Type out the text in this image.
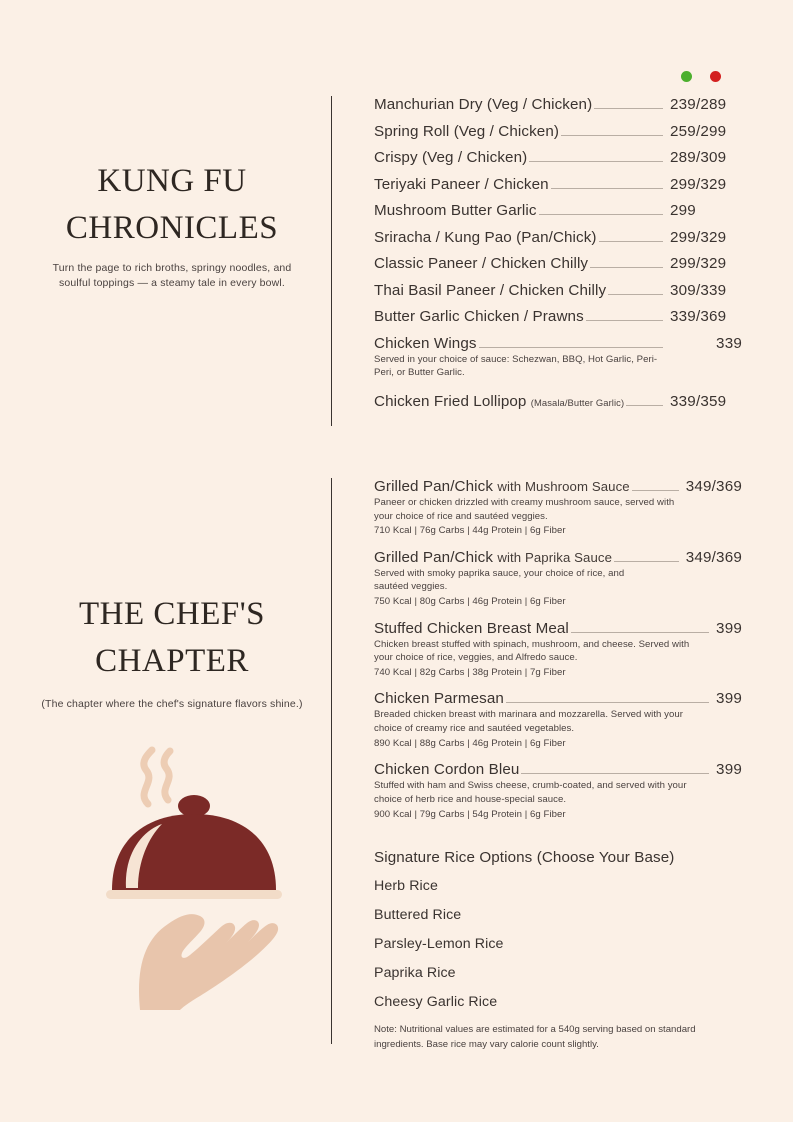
KUNG FU
CHRONICLES

Turn the page to rich broths, springy noodles, and soulful toppings — a steamy tale in every bowl.

Manchurian Dry (Veg / Chicken)	239/289
Spring Roll (Veg / Chicken)	259/299
Crispy (Veg / Chicken)	289/309
Teriyaki Paneer / Chicken	299/329
Mushroom Butter Garlic	299
Sriracha / Kung Pao (Pan/Chick)	299/329
Classic Paneer / Chicken Chilly	299/329
Thai Basil Paneer / Chicken Chilly	309/339
Butter Garlic Chicken / Prawns	339/369
Chicken Wings	339
Served in your choice of sauce: Schezwan, BBQ, Hot Garlic, Peri-Peri, or Butter Garlic.
Chicken Fried Lollipop (Masala/Butter Garlic)	339/359
THE CHEF'S
CHAPTER

(The chapter where the chef's signature flavors shine.)

Grilled Pan/Chick with Mushroom Sauce	349/369
Paneer or chicken drizzled with creamy mushroom sauce, served with your choice of rice and sautéed veggies.
710 Kcal | 76g Carbs | 44g Protein | 6g Fiber
Grilled Pan/Chick with Paprika Sauce	349/369
Served with smoky paprika sauce, your choice of rice, and sautéed veggies.
750 Kcal | 80g Carbs | 46g Protein | 6g Fiber
Stuffed Chicken Breast Meal	399
Chicken breast stuffed with spinach, mushroom, and cheese. Served with your choice of rice, veggies, and Alfredo sauce.
740 Kcal | 82g Carbs | 38g Protein | 7g Fiber
Chicken Parmesan	399
Breaded chicken breast with marinara and mozzarella. Served with your choice of creamy rice and sautéed vegetables.
890 Kcal | 88g Carbs | 46g Protein | 6g Fiber
Chicken Cordon Bleu	399
Stuffed with ham and Swiss cheese, crumb-coated, and served with your choice of herb rice and house-special sauce.
900 Kcal | 79g Carbs | 54g Protein | 6g Fiber
Signature Rice Options (Choose Your Base)
Herb Rice
Buttered Rice
Parsley-Lemon Rice
Paprika Rice
Cheesy Garlic Rice
Note: Nutritional values are estimated for a 540g serving based on standard ingredients. Base rice may vary calorie count slightly.
